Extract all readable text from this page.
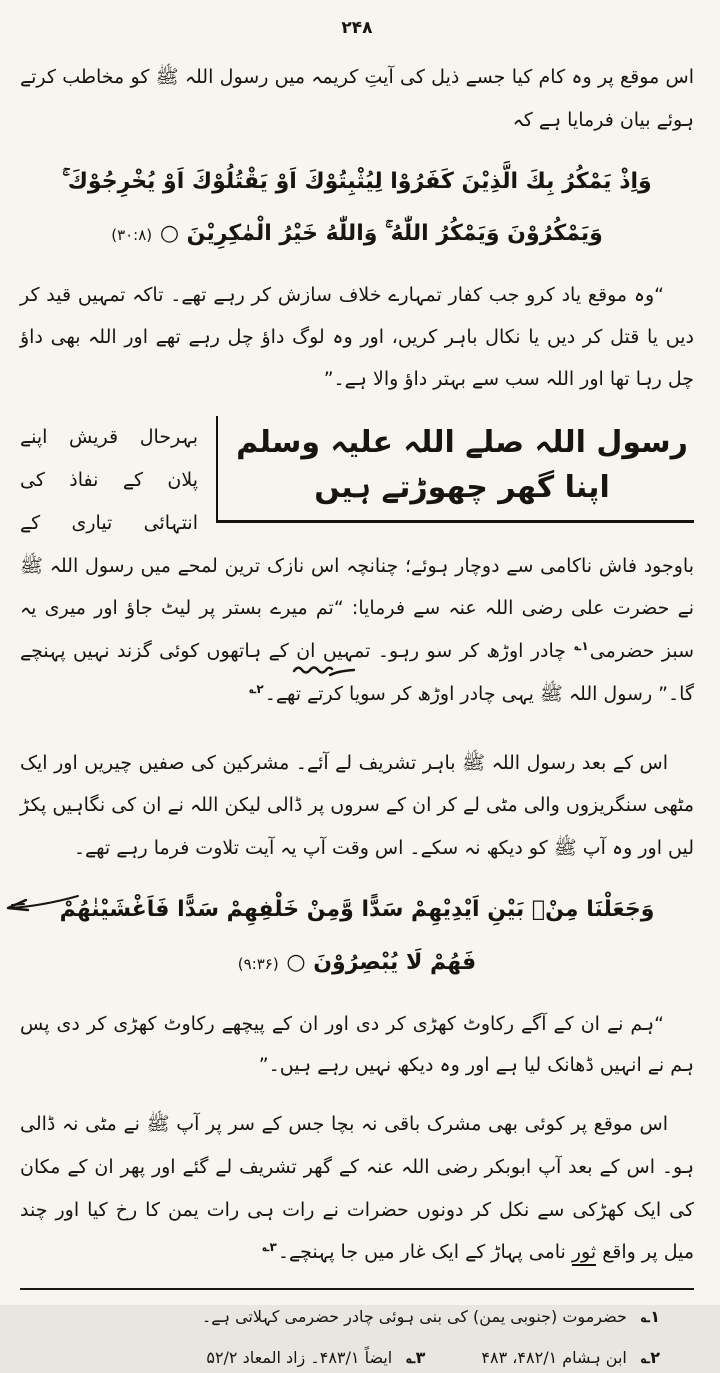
۲۴۸

اس موقع پر وہ کام کیا جسے ذیل کی آیتِ کریمہ میں رسول اللہ ﷺ کو مخاطب کرتے ہوئے بیان فرمایا ہے کہ

وَاِذْ يَمْكُرُ بِكَ الَّذِيْنَ كَفَرُوْا لِيُثْبِتُوْكَ اَوْ يَقْتُلُوْكَ اَوْ يُخْرِجُوْكَ ۚ وَيَمْكُرُوْنَ وَيَمْكُرُ اللّٰهُ ۚ وَاللّٰهُ خَيْرُ الْمٰكِرِيْنَ ○ (۳۰:۸)

“وہ موقع یاد کرو جب کفار تمہارے خلاف سازش کر رہے تھے۔ تاکہ تمہیں قید کر دیں یا قتل کر دیں یا نکال باہر کریں، اور وہ لوگ داؤ چل رہے تھے اور اللہ بھی داؤ چل رہا تھا اور اللہ سب سے بہتر داؤ والا ہے۔”

رسول اللہ صلے اللہ علیہ وسلم اپنا گھر چھوڑتے ہیں

بہرحال قریش اپنے پلان کے نفاذ کی انتہائی تیاری کے باوجود فاش ناکامی سے دوچار ہوئے؛ چنانچہ اس نازک ترین لمحے میں رسول اللہ ﷺ نے حضرت علی رضی اللہ عنہ سے فرمایا: “تم میرے بستر پر لیٹ جاؤ اور میری یہ سبز حضرمی$^{۱؎}$ چادر اوڑھ کر سو رہو۔ تمہیں ان کے ہاتھوں کوئی گزند نہیں پہنچے گا۔” رسول اللہ ﷺ یہی چادر اوڑھ کر سویا کرتے تھے۔$^{۲؎}$

اس کے بعد رسول اللہ ﷺ باہر تشریف لے آئے۔ مشرکین کی صفیں چیریں اور ایک مٹھی سنگریزوں والی مٹی لے کر ان کے سروں پر ڈالی لیکن اللہ نے ان کی نگاہیں پکڑ لیں اور وہ آپ ﷺ کو دیکھ نہ سکے۔ اس وقت آپ یہ آیت تلاوت فرما رہے تھے۔

وَجَعَلْنَا مِنْۢ بَيْنِ اَيْدِيْهِمْ سَدًّا وَّمِنْ خَلْفِهِمْ سَدًّا فَاَغْشَيْنٰهُمْ فَهُمْ لَا يُبْصِرُوْنَ ○ (۹:۳۶)

“ہم نے ان کے آگے رکاوٹ کھڑی کر دی اور ان کے پیچھے رکاوٹ کھڑی کر دی پس ہم نے انہیں ڈھانک لیا ہے اور وہ دیکھ نہیں رہے ہیں۔”

اس موقع پر کوئی بھی مشرک باقی نہ بچا جس کے سر پر آپ ﷺ نے مٹی نہ ڈالی ہو۔ اس کے بعد آپ ابوبکر رضی اللہ عنہ کے گھر تشریف لے گئے اور پھر ان کے مکان کی ایک کھڑکی سے نکل کر دونوں حضرات نے رات ہی رات یمن کا رخ کیا اور چند میل پر واقع ثور نامی پہاڑ کے ایک غار میں جا پہنچے۔$^{۳؎}$

۱؎حضرموت (جنوبی یمن) کی بنی ہوئی چادر حضرمی کہلاتی ہے۔

۲؎ابن ہشام ۴۸۲/۱، ۴۸۳۳؎ایضاً ۴۸۳/۱۔ زاد المعاد ۵۲/۲
